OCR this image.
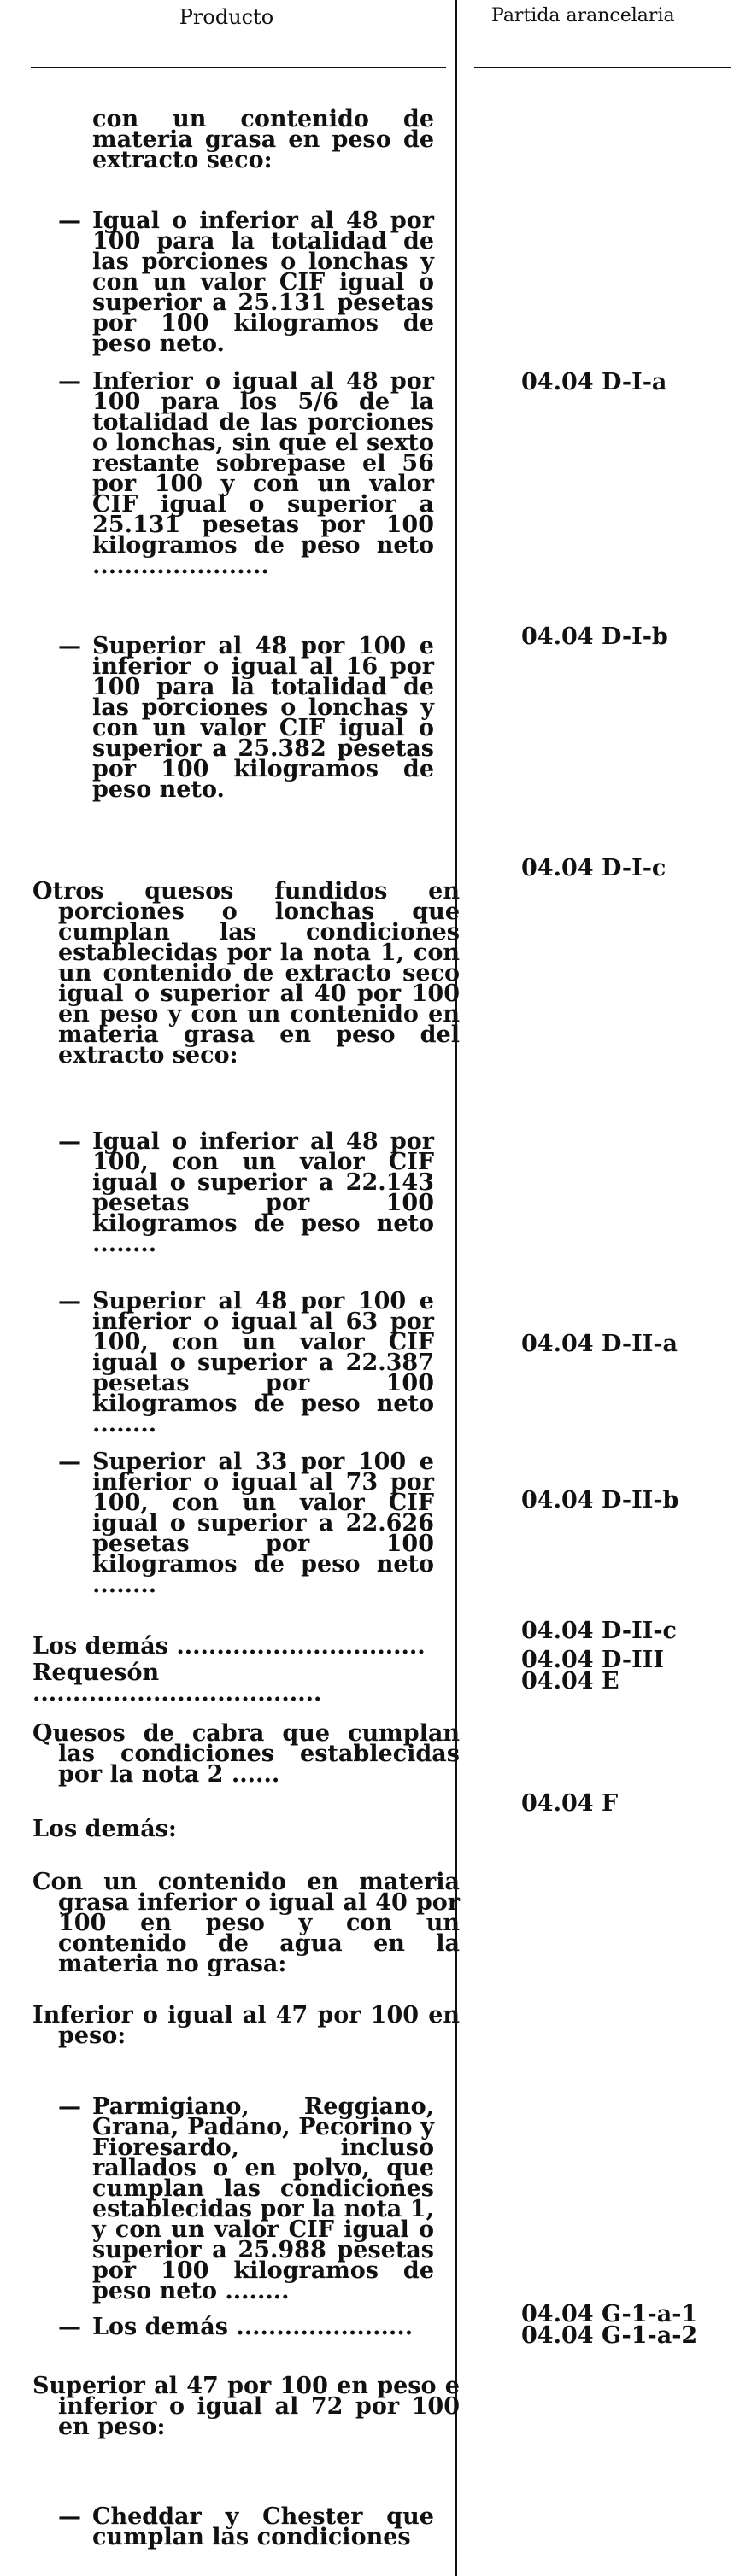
Producto	Partida arancelaria
con un contenido de materia grasa en peso de extracto seco:
— Igual o inferior al 48 por 100 para la totalidad de las porciones o lonchas y con un valor CIF igual o superior a 25.131 pesetas por 100 kilogramos de peso neto.
— Inferior o igual al 48 por 100 para los 5/6 de la totalidad de las porciones o lonchas, sin que el sexto restante sobrepase el 56 por 100 y con un valor CIF igual o superior a 25.131 pesetas por 100 kilogramos de peso neto ......................
— Superior al 48 por 100 e inferior o igual al 16 por 100 para la totalidad de las porciones o lonchas y con un valor CIF igual o superior a 25.382 pesetas por 100 kilogramos de peso neto.
Otros quesos fundidos en porciones o lonchas que cumplan las condiciones establecidas por la nota 1, con un contenido de extracto seco igual o superior al 40 por 100 en peso y con un contenido en materia grasa en peso del extracto seco:
— Igual o inferior al 48 por 100, con un valor CIF igual o superior a 22.143 pesetas por 100 kilogramos de peso neto ........
— Superior al 48 por 100 e inferior o igual al 63 por 100, con un valor CIF igual o superior a 22.387 pesetas por 100 kilogramos de peso neto ........
— Superior al 33 por 100 e inferior o igual al 73 por 100, con un valor CIF igual o superior a 22.626 pesetas por 100 kilogramos de peso neto ........
Los demás ...............................
Requesón ....................................
Quesos de cabra que cumplan las condiciones establecidas por la nota 2 ......
Los demás:
Con un contenido en materia grasa inferior o igual al 40 por 100 en peso y con un contenido de agua en la materia no grasa:
Inferior o igual al 47 por 100 en peso:
— Parmigiano, Reggiano, Grana, Padano, Pecorino y Fioresardo, incluso rallados o en polvo, que cumplan las condiciones establecidas por la nota 1, y con un valor CIF igual o superior a 25.988 pesetas por 100 kilogramos de peso neto ........
— Los demás ......................
Superior al 47 por 100 en peso e inferior o igual al 72 por 100 en peso:
— Cheddar y Chester que cumplan las condiciones
04.04 D-I-a
04.04 D-I-b
04.04 D-I-c
04.04 D-II-a
04.04 D-II-b
04.04 D-II-c
04.04 D-III
04.04 E
04.04 F
04.04 G-1-a-1
04.04 G-1-a-2
